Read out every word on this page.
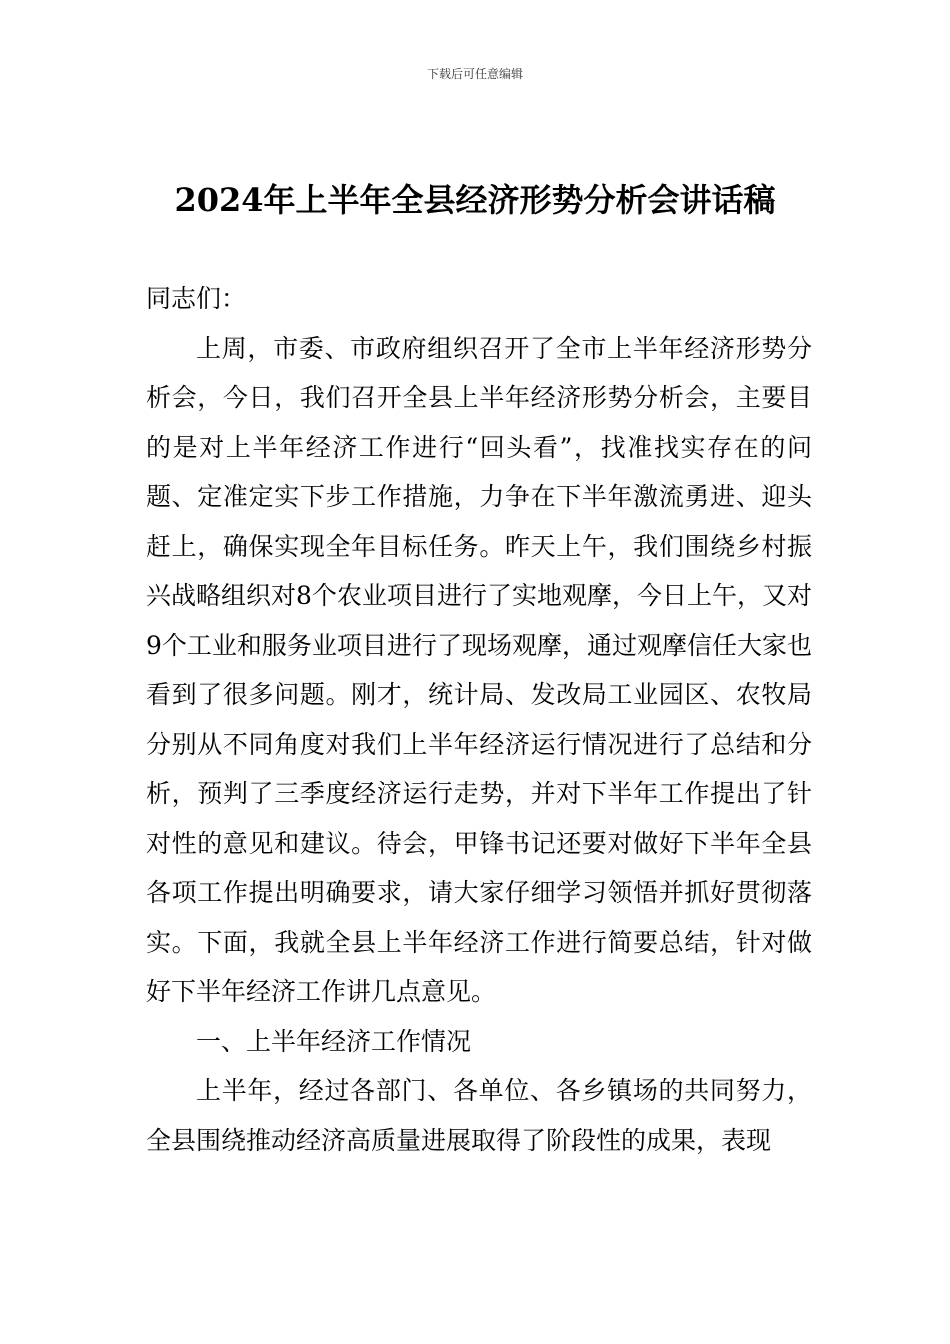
下载后可任意编辑
2024年上半年全县经济形势分析会讲话稿

同志们：

上周，市委、市政府组织召开了全市上半年经济形势分析会，今日，我们召开全县上半年经济形势分析会，主要目的是对上半年经济工作进行“回头看”，找准找实存在的问题、定准定实下步工作措施，力争在下半年激流勇进、迎头赶上，确保实现全年目标任务。昨天上午，我们围绕乡村振兴战略组织对8个农业项目进行了实地观摩，今日上午，又对9个工业和服务业项目进行了现场观摩，通过观摩信任大家也看到了很多问题。刚才，统计局、发改局工业园区、农牧局分别从不同角度对我们上半年经济运行情况进行了总结和分析，预判了三季度经济运行走势，并对下半年工作提出了针对性的意见和建议。待会，甲锋书记还要对做好下半年全县各项工作提出明确要求，请大家仔细学习领悟并抓好贯彻落实。下面，我就全县上半年经济工作进行简要总结，针对做好下半年经济工作讲几点意见。

一、上半年经济工作情况

上半年，经过各部门、各单位、各乡镇场的共同努力，全县围绕推动经济高质量进展取得了阶段性的成果，表现
